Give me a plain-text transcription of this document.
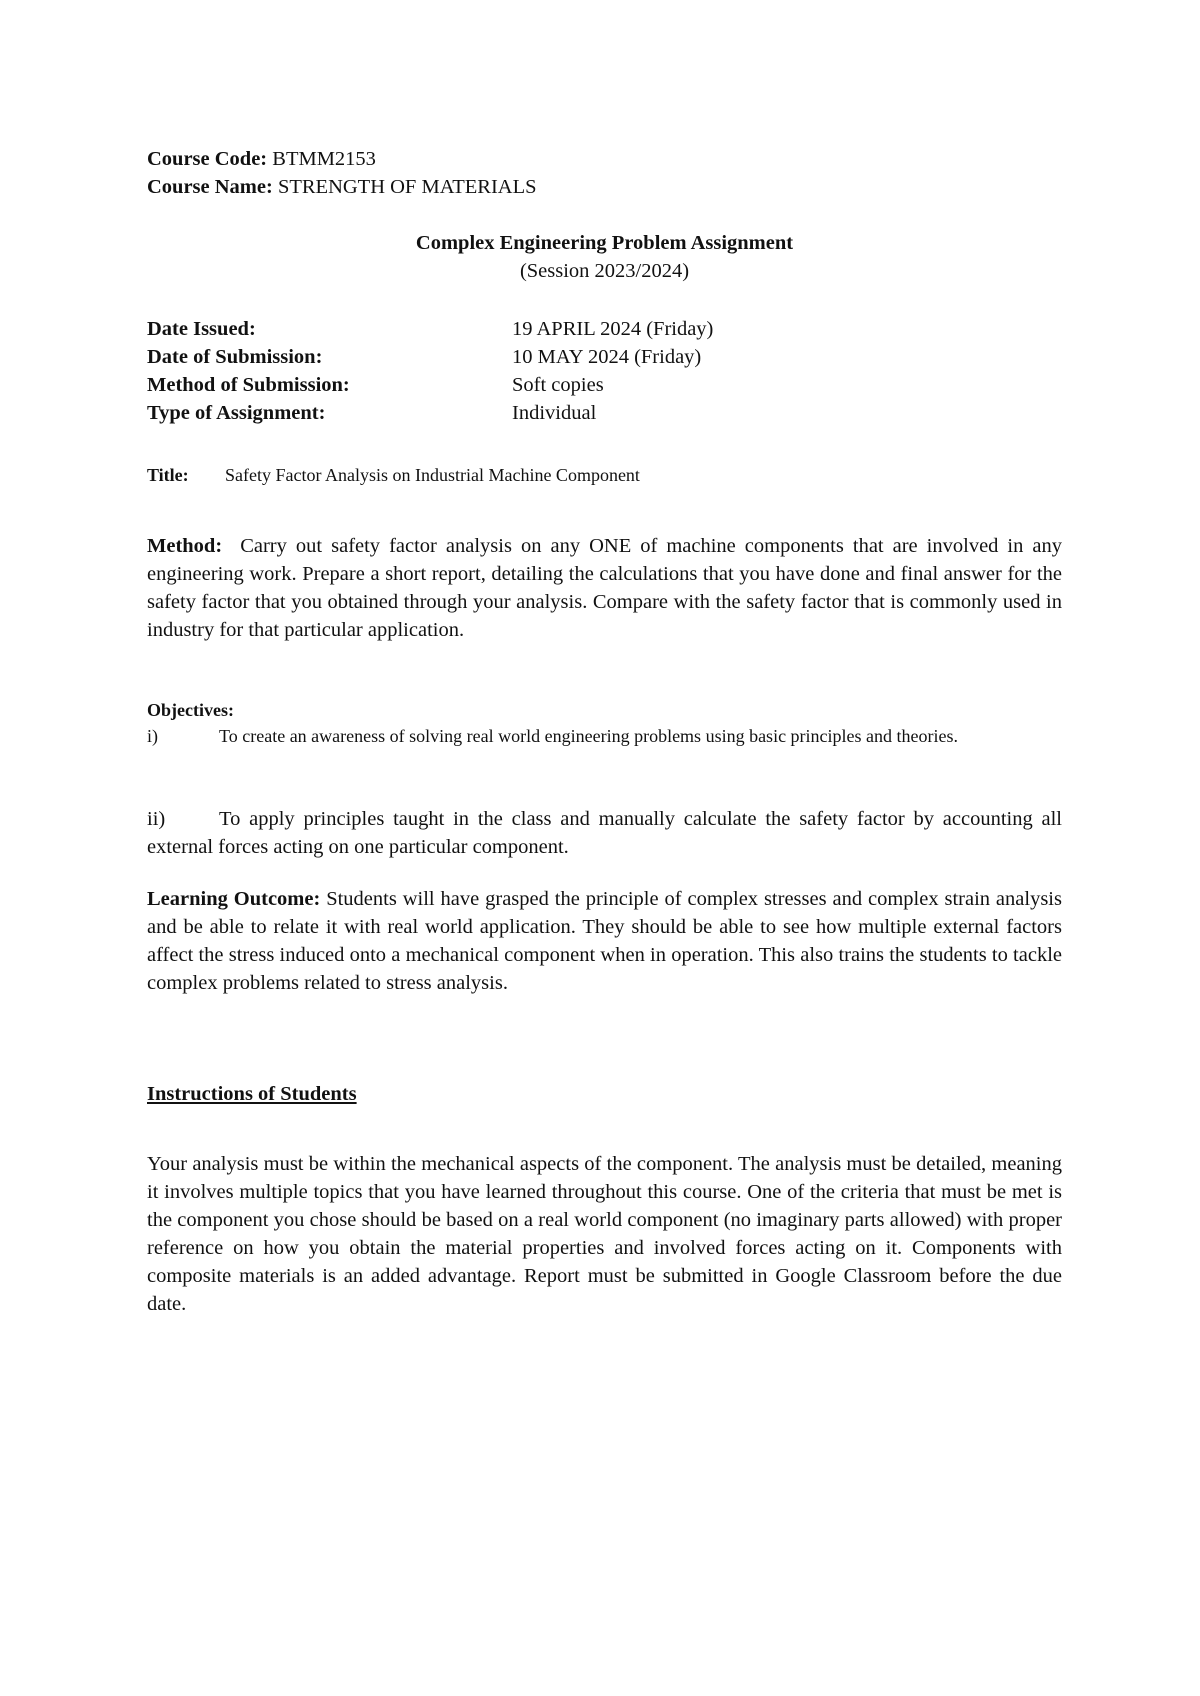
Course Code: BTMM2153
Course Name: STRENGTH OF MATERIALS
Complex Engineering Problem Assignment
(Session 2023/2024)
Date Issued:	19 APRIL 2024 (Friday)
Date of Submission:	10 MAY 2024 (Friday)
Method of Submission:	Soft copies
Type of Assignment:	Individual
Title:	Safety Factor Analysis on Industrial Machine Component
Method: Carry out safety factor analysis on any ONE of machine components that are involved in any engineering work. Prepare a short report, detailing the calculations that you have done and final answer for the safety factor that you obtained through your analysis. Compare with the safety factor that is commonly used in industry for that particular application.
Objectives:
i)	To create an awareness of solving real world engineering problems using basic principles and theories.
ii)	To apply principles taught in the class and manually calculate the safety factor by accounting all external forces acting on one particular component.
Learning Outcome: Students will have grasped the principle of complex stresses and complex strain analysis and be able to relate it with real world application. They should be able to see how multiple external factors affect the stress induced onto a mechanical component when in operation. This also trains the students to tackle complex problems related to stress analysis.
Instructions of Students
Your analysis must be within the mechanical aspects of the component. The analysis must be detailed, meaning it involves multiple topics that you have learned throughout this course. One of the criteria that must be met is the component you chose should be based on a real world component (no imaginary parts allowed) with proper reference on how you obtain the material properties and involved forces acting on it. Components with composite materials is an added advantage. Report must be submitted in Google Classroom before the due date.
